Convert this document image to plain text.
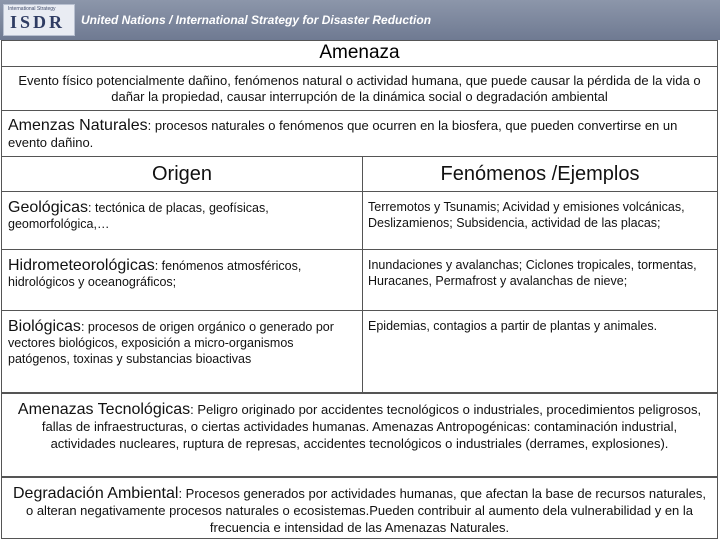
International Strategy
ISDR United Nations / International Strategy for Disaster Reduction
Amenaza
Evento físico potencialmente dañino, fenómenos natural o actividad humana, que puede causar la pérdida de la vida o dañar la propiedad, causar interrupción de la dinámica social o degradación ambiental
Amenzas Naturales: procesos naturales o fenómenos que ocurren en la biosfera, que pueden convertirse en un evento dañino.
Origen	Fenómenos /Ejemplos
Geológicas: tectónica de placas, geofísicas, geomorfológica,…
Terremotos y Tsunamis; Acividad y emisiones volcánicas, Deslizamienos; Subsidencia, actividad de las placas;
Hidrometeorológicas: fenómenos atmosféricos, hidrológicos y oceanográficos;
Inundaciones y avalanchas; Ciclones tropicales, tormentas, Huracanes, Permafrost y avalanchas de nieve;
Biológicas: procesos de origen orgánico o generado por vectores biológicos, exposición a micro-organismos patógenos, toxinas y substancias bioactivas
Epidemias, contagios a partir de plantas y animales.
Amenazas Tecnológicas: Peligro originado por accidentes tecnológicos o industriales, procedimientos peligrosos, fallas de infraestructuras, o ciertas actividades humanas. Amenazas Antropogénicas: contaminación industrial, actividades nucleares, ruptura de represas, accidentes tecnológicos o industriales (derrames, explosiones).
Degradación Ambiental: Procesos generados por actividades humanas, que afectan la base de recursos naturales, o alteran negativamente procesos naturales o ecosistemas.Pueden contribuir al aumento dela vulnerabilidad y en la frecuencia e intensidad de las Amenazas Naturales.
